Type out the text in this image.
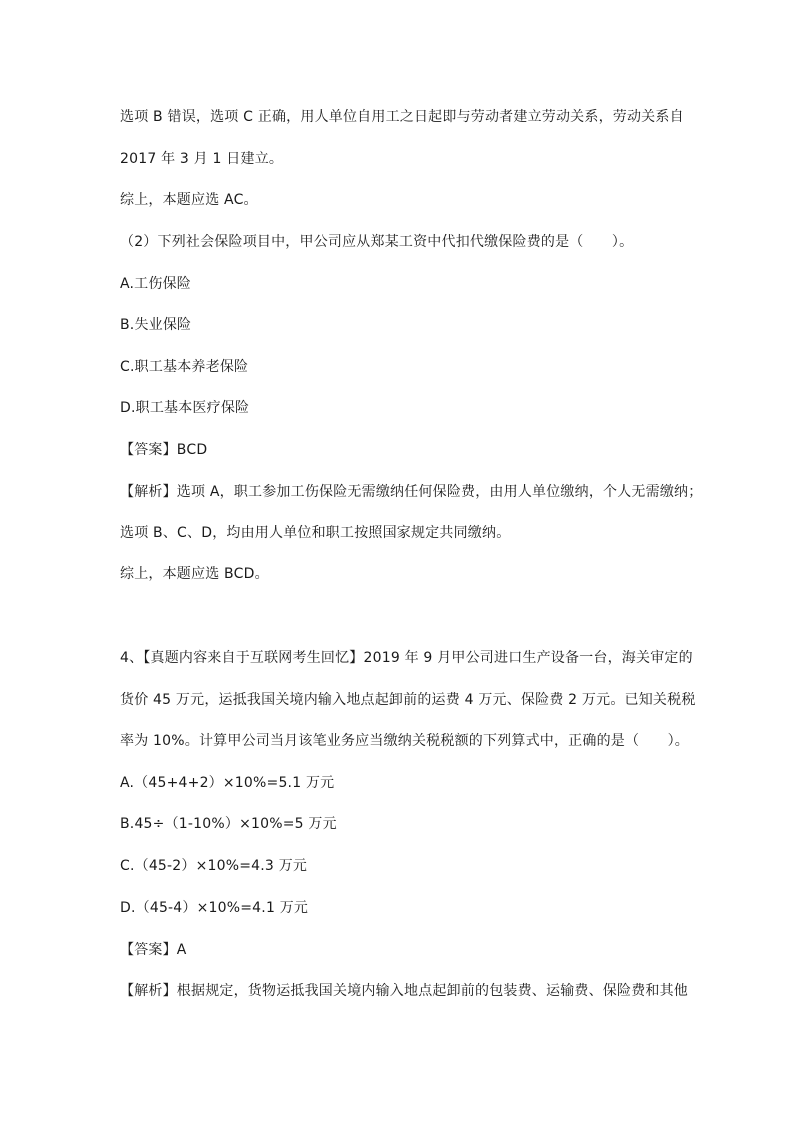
选项 B 错误，选项 C 正确，用人单位自用工之日起即与劳动者建立劳动关系，劳动关系自
2017 年 3 月 1 日建立。
综上，本题应选 AC。
（2）下列社会保险项目中，甲公司应从郑某工资中代扣代缴保险费的是（　　）。
A.工伤保险
B.失业保险
C.职工基本养老保险
D.职工基本医疗保险
【答案】BCD
【解析】选项 A，职工参加工伤保险无需缴纳任何保险费，由用人单位缴纳，个人无需缴纳；
选项 B、C、D，均由用人单位和职工按照国家规定共同缴纳。
综上，本题应选 BCD。
4、【真题内容来自于互联网考生回忆】2019 年 9 月甲公司进口生产设备一台，海关审定的
货价 45 万元，运抵我国关境内输入地点起卸前的运费 4 万元、保险费 2 万元。已知关税税
率为 10%。计算甲公司当月该笔业务应当缴纳关税税额的下列算式中，正确的是（　　）。
A.（45+4+2）×10%=5.1 万元
B.45÷（1-10%）×10%=5 万元
C.（45-2）×10%=4.3 万元
D.（45-4）×10%=4.1 万元
【答案】A
【解析】根据规定，货物运抵我国关境内输入地点起卸前的包装费、运输费、保险费和其他
